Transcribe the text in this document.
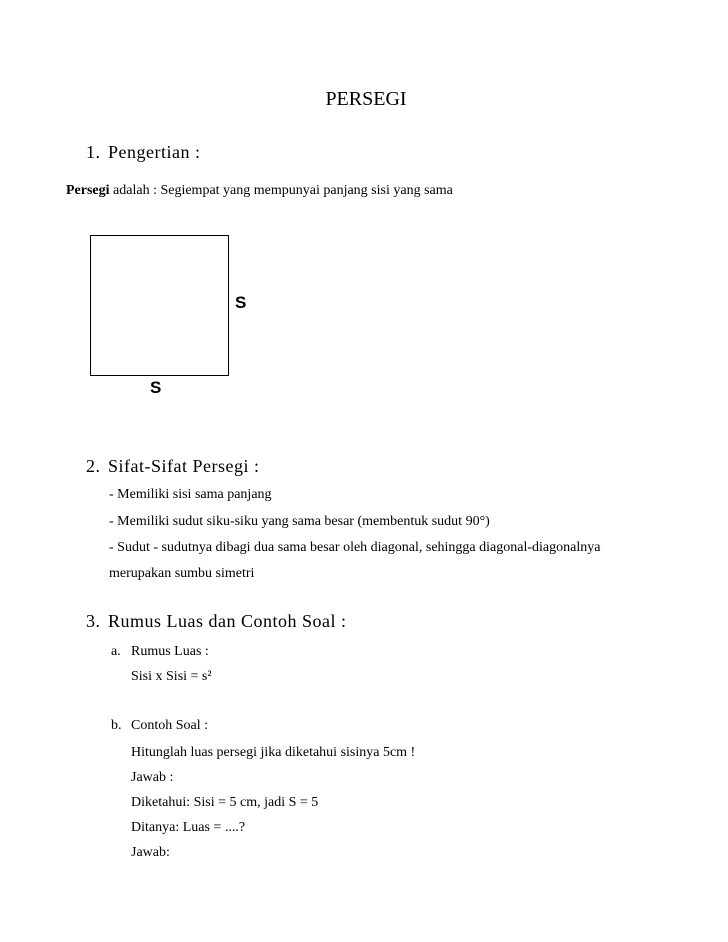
PERSEGI
1. Pengertian :
Persegi adalah : Segiempat yang mempunyai panjang sisi yang sama
S
S
2. Sifat-Sifat Persegi :
- Memiliki sisi sama panjang
- Memiliki sudut siku-siku yang sama besar (membentuk sudut 90°)
- Sudut - sudutnya dibagi dua sama besar oleh diagonal, sehingga diagonal-diagonalnya
merupakan sumbu simetri
3. Rumus Luas dan Contoh Soal :
a. Rumus Luas :
Sisi x Sisi = s²
b. Contoh Soal :
Hitunglah luas persegi jika diketahui sisinya 5cm !
Jawab :
Diketahui: Sisi = 5 cm, jadi S = 5
Ditanya: Luas = ....?
Jawab:
